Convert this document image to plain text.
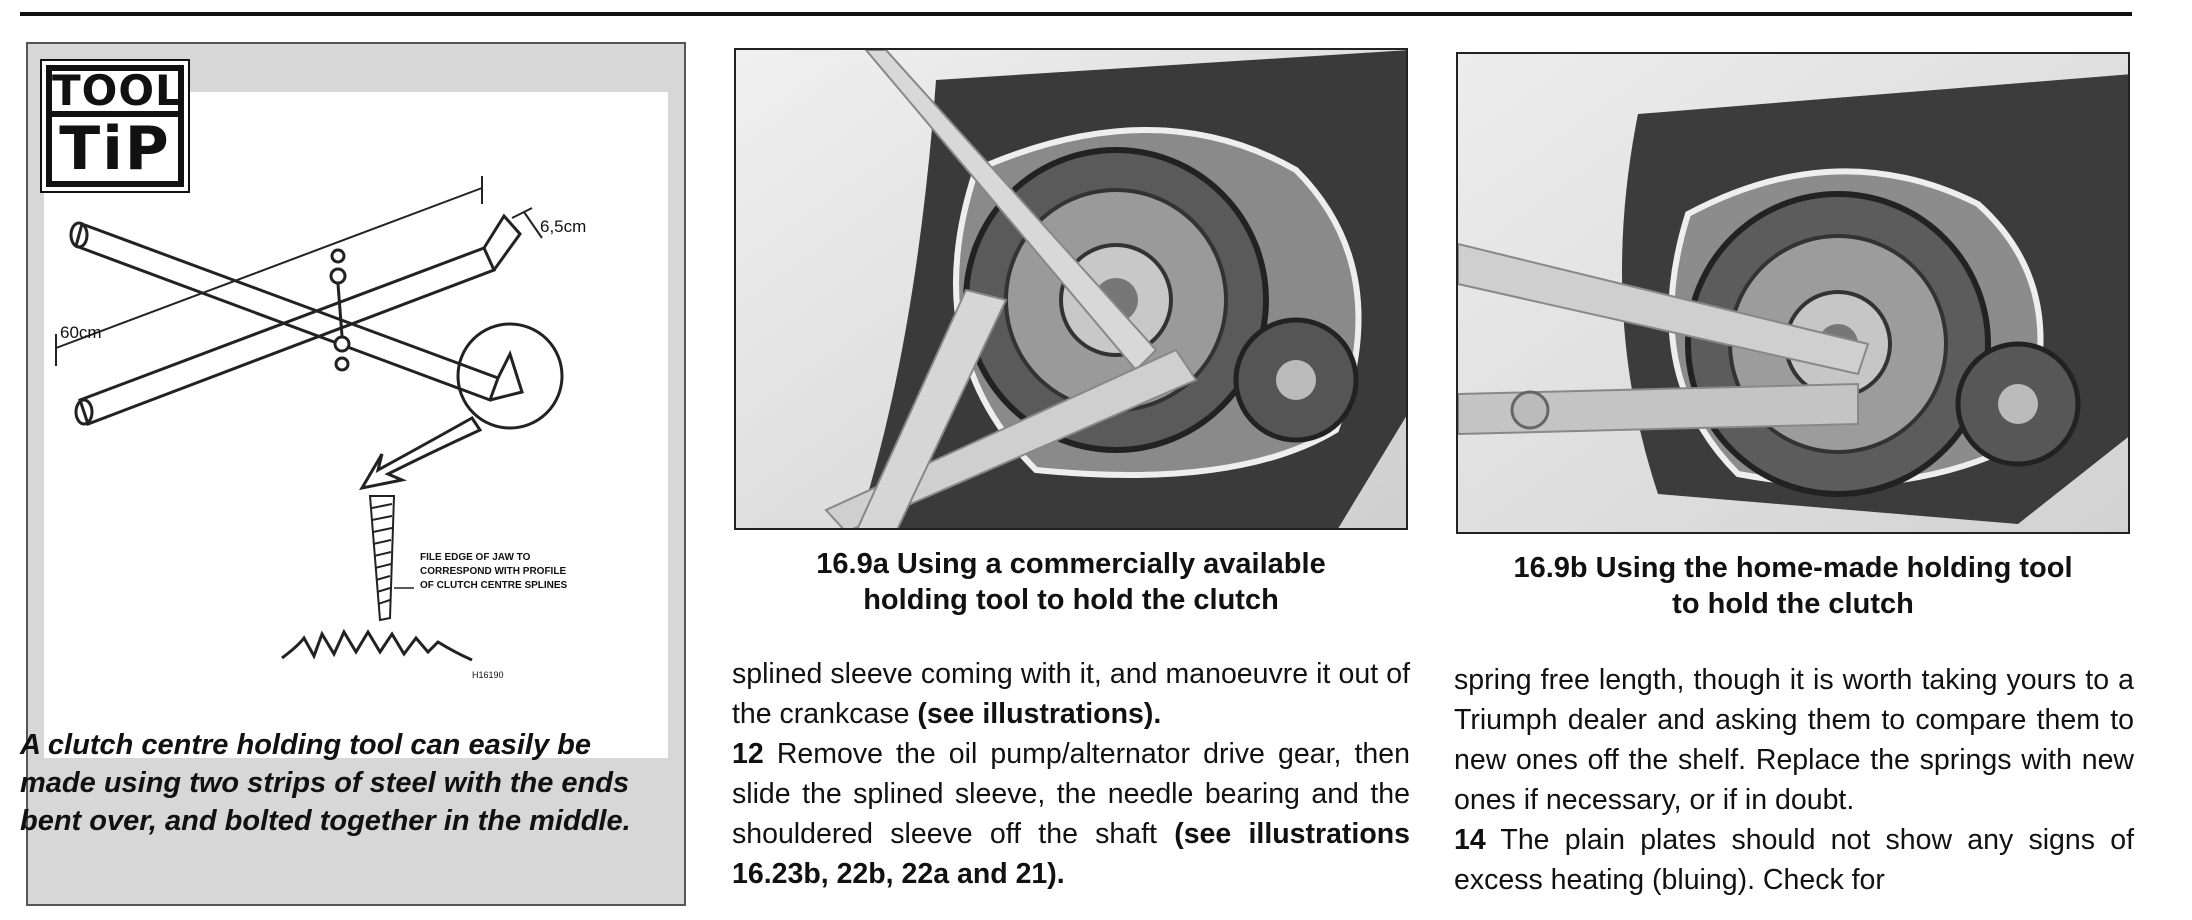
6,5cm
60cm
FILE EDGE OF JAW TO
CORRESPOND WITH PROFILE
OF CLUTCH CENTRE SPLINES
H16190
TOOL
TiP
A clutch centre holding tool can easily be made using two strips of steel with the ends bent over, and bolted together in the middle.
16.9a Using a commercially available
holding tool to hold the clutch
16.9b Using the home-made holding tool
to hold the clutch

splined sleeve coming with it, and manoeuvre it out of the crankcase (see illustrations).

12 Remove the oil pump/alternator drive gear, then slide the splined sleeve, the needle bearing and the shouldered sleeve off the shaft (see illustrations 16.23b, 22b, 22a and 21).

spring free length, though it is worth taking yours to a Triumph dealer and asking them to compare them to new ones off the shelf. Replace the springs with new ones if necessary, or if in doubt.

14 The plain plates should not show any signs of excess heating (bluing). Check for
